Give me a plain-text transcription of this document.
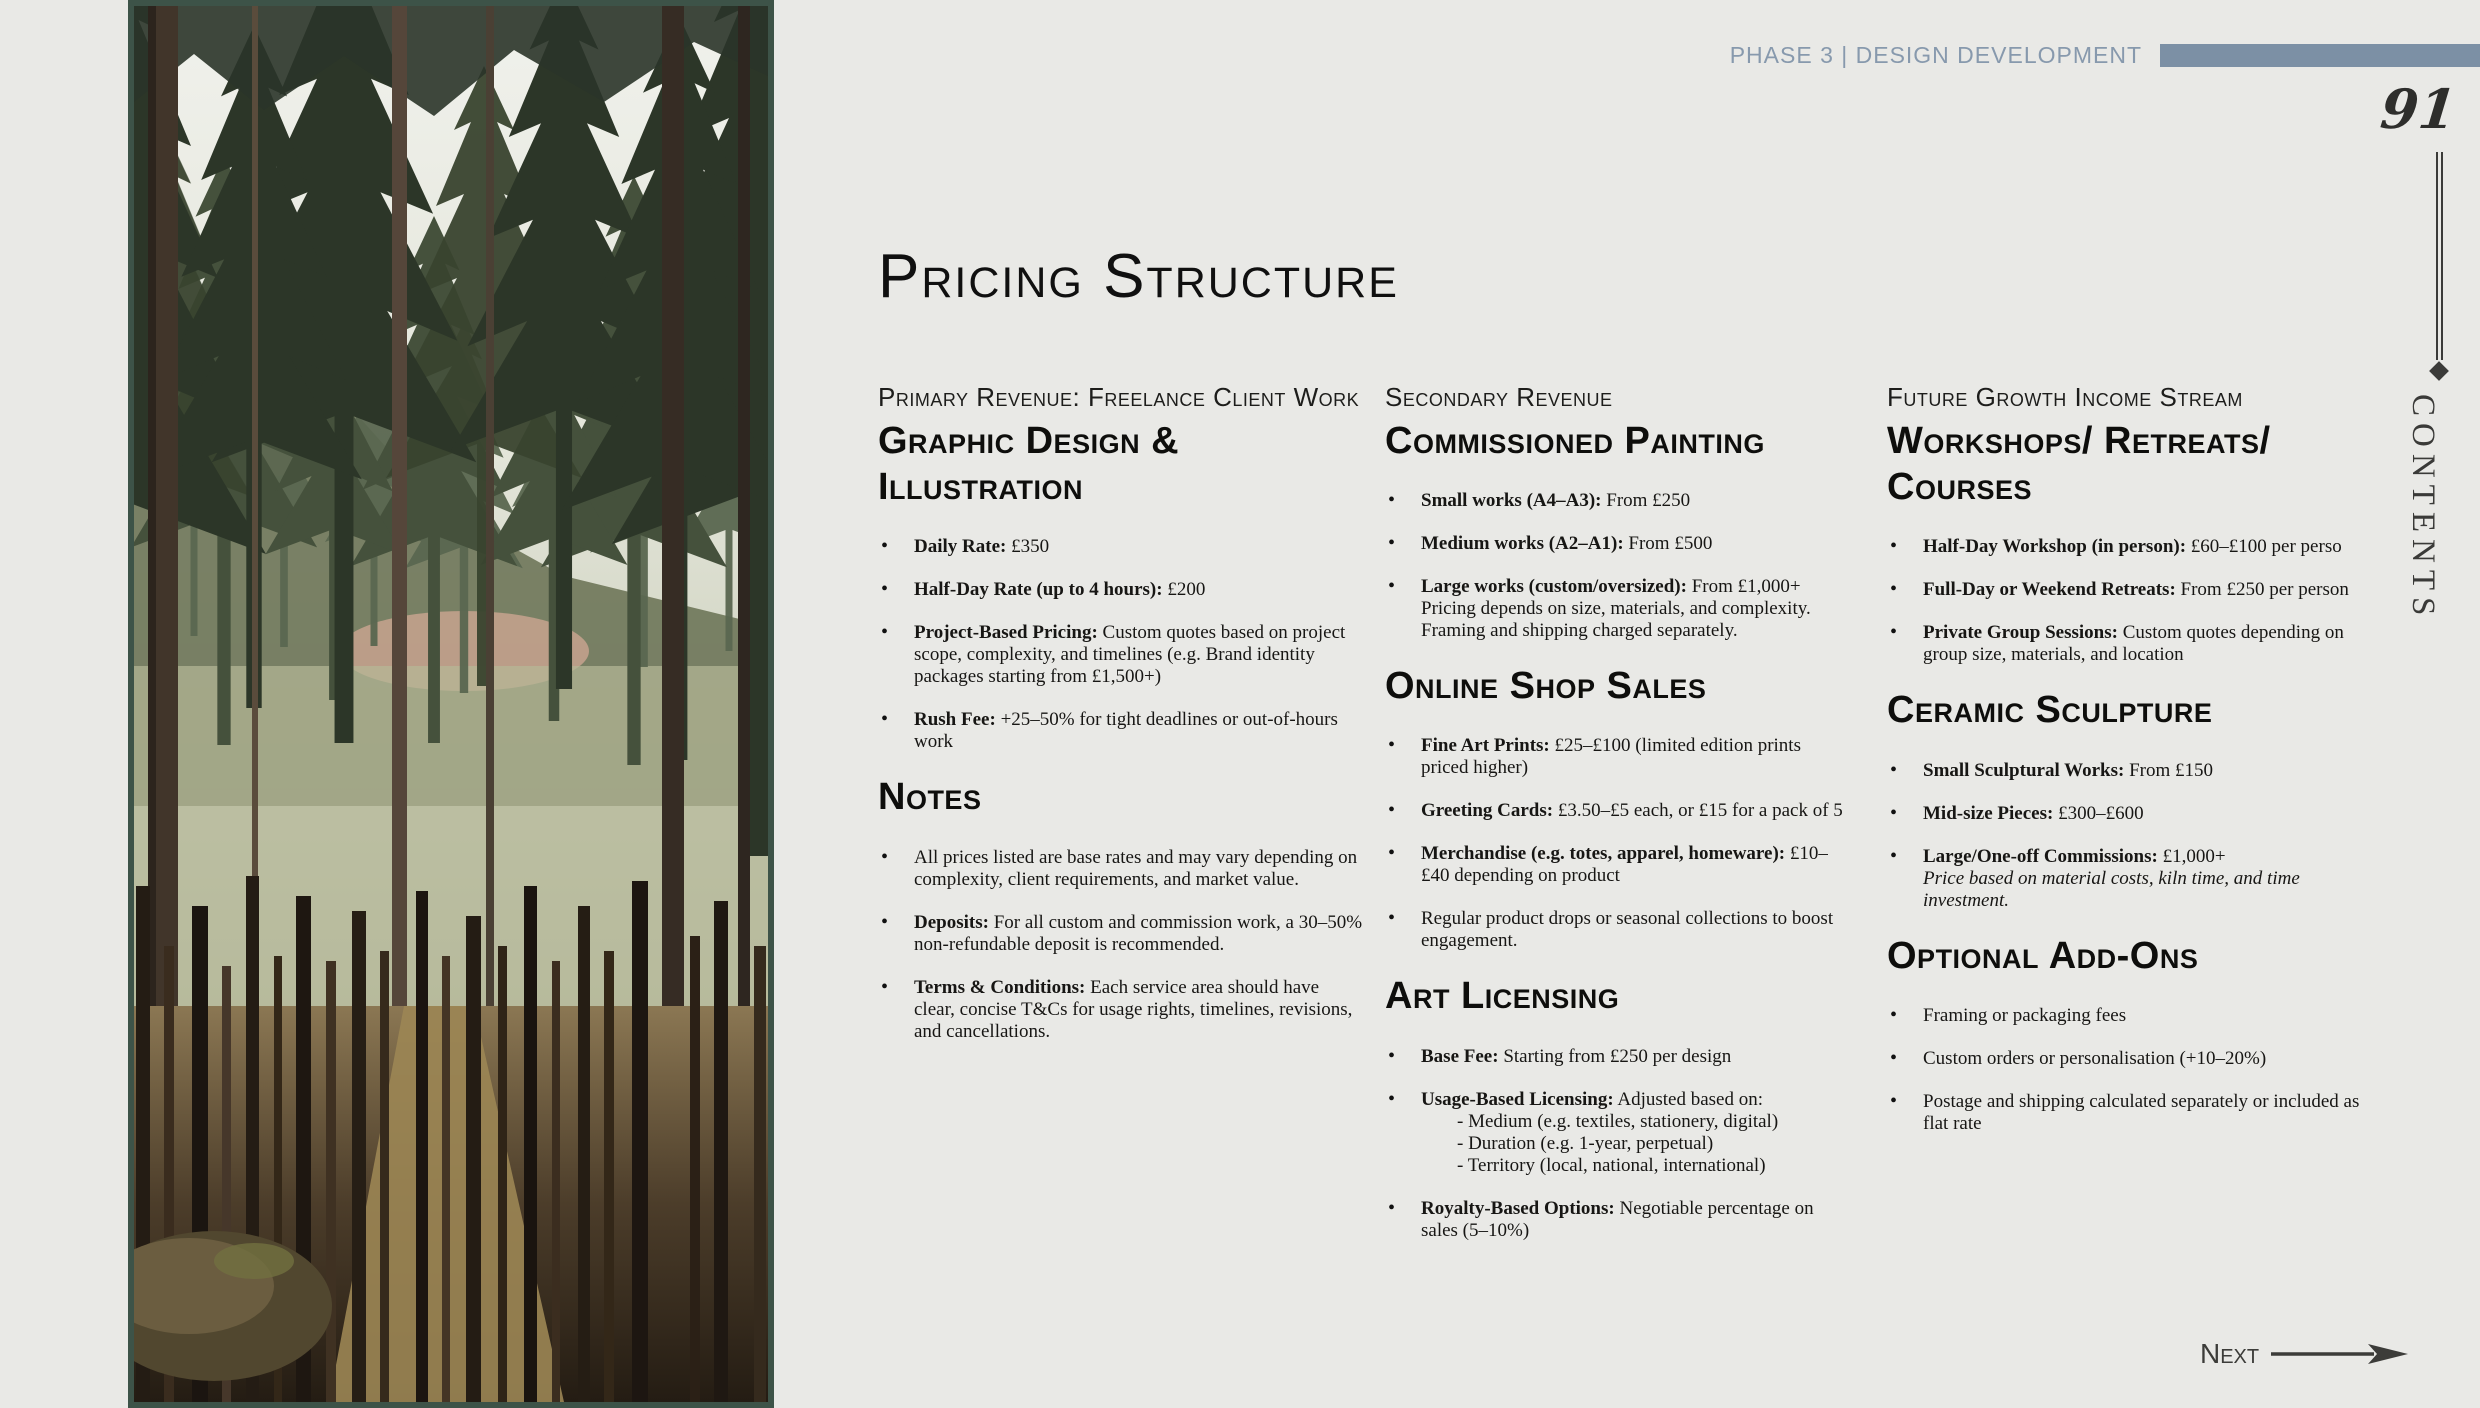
PHASE 3 | DESIGN DEVELOPMENT
91
CONTENTS
Pricing Structure
Primary Revenue: Freelance Client Work
Graphic Design & Illustration
• Daily Rate: £350
• Half-Day Rate (up to 4 hours): £200
• Project-Based Pricing: Custom quotes based on project scope, complexity, and timelines (e.g. Brand identity packages starting from £1,500+)
• Rush Fee: +25–50% for tight deadlines or out-of-hours work
Notes
• All prices listed are base rates and may vary depending on complexity, client requirements, and market value.
• Deposits: For all custom and commission work, a 30–50% non-refundable deposit is recommended.
• Terms & Conditions: Each service area should have clear, concise T&Cs for usage rights, timelines, revisions, and cancellations.
Secondary Revenue
Commissioned Painting
• Small works (A4–A3): From £250
• Medium works (A2–A1): From £500
• Large works (custom/oversized): From £1,000+
Pricing depends on size, materials, and complexity. Framing and shipping charged separately.
Online Shop Sales
• Fine Art Prints: £25–£100 (limited edition prints priced higher)
• Greeting Cards: £3.50–£5 each, or £15 for a pack of 5
• Merchandise (e.g. totes, apparel, homeware): £10–£40 depending on product
• Regular product drops or seasonal collections to boost engagement.
Art Licensing
• Base Fee: Starting from £250 per design
• Usage-Based Licensing: Adjusted based on:
- Medium (e.g. textiles, stationery, digital)
- Duration (e.g. 1-year, perpetual)
- Territory (local, national, international)
• Royalty-Based Options: Negotiable percentage on sales (5–10%)
Future Growth Income Stream
Workshops/ Retreats/ Courses
• Half-Day Workshop (in person): £60–£100 per perso
• Full-Day or Weekend Retreats: From £250 per person
• Private Group Sessions: Custom quotes depending on group size, materials, and location
Ceramic Sculpture
• Small Sculptural Works: From £150
• Mid-size Pieces: £300–£600
• Large/One-off Commissions: £1,000+
Price based on material costs, kiln time, and time investment.
Optional Add-Ons
• Framing or packaging fees
• Custom orders or personalisation (+10–20%)
• Postage and shipping calculated separately or included as flat rate
Next
